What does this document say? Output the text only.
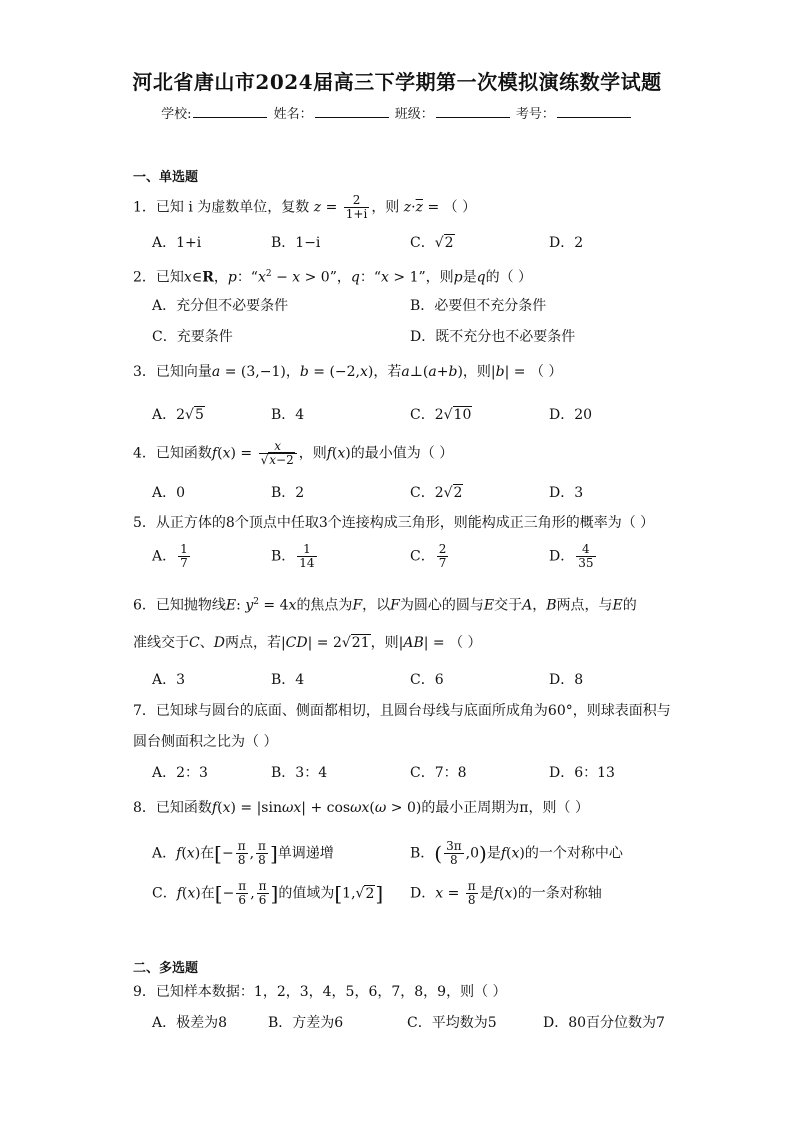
河北省唐山市2024届高三下学期第一次模拟演练数学试题
学校:	姓名：	班级：	考号：
一、单选题
1．已知 i 为虚数单位，复数 $z = \frac{2}{1+i}$ ，则 $z\cdot\overline{z}$ = （ ）
A．1+i	B．1−i	C．√2	D．2
2．已知x∈R，p：“$x^2 - x > 0$”，q：“x > 1”，则p是q的（ ）
A．充分但不必要条件	B．必要但不充分条件
C．充要条件	D．既不充分也不必要条件
3．已知向量a = (3,−1)，b = (−2,x)，若a⊥(a+b)，则|b| = （ ）
A．2√5	B．4	C．2√10	D．20
4．已知函数$f(x) = \frac{x}{√x-2}$ ，则f(x)的最小值为（ ）
A．0	B．2	C．2√2	D．3
5．从正方体的8个顶点中任取3个连接构成三角形，则能构成正三角形的概率为（ ）
A． $\frac{1}{7}$	B． $\frac{1}{14}$	C． $\frac{2}{7}$	D． $\frac{4}{35}$
6．已知抛物线E: $y^2 = 4x$的焦点为F，以F为圆心的圆与E交于A，B两点，与E的
准线交于C、D两点，若|CD| = 2√21，则|AB| = （ ）
A．3	B．4	C．6	D．8
7．已知球与圆台的底面、侧面都相切，且圆台母线与底面所成角为60°，则球表面积与
圆台侧面积之比为（ ）
A．2：3	B．3：4	C．7：8	D．6：13
8．已知函数f(x) = |sinωx| + cosωx(ω > 0)的最小正周期为π，则（ ）
A．f(x)在[− $\frac{\pi}{8}$ , $\frac{\pi}{8}$ ]单调递增	B．( $\frac{3\pi}{8} ,0$)是f(x)的一个对称中心
C．f(x)在[− $\frac{\pi}{6}$ , $\frac{\pi}{6}$ ]的值域为[1,√2] D．$x = \frac{\pi}{8}$ 是f(x)的一条对称轴
二、多选题
9．已知样本数据：1，2，3，4，5，6，7，8，9，则（ ）
A．极差为8	B．方差为6	C．平均数为5	D．80百分位数为7
